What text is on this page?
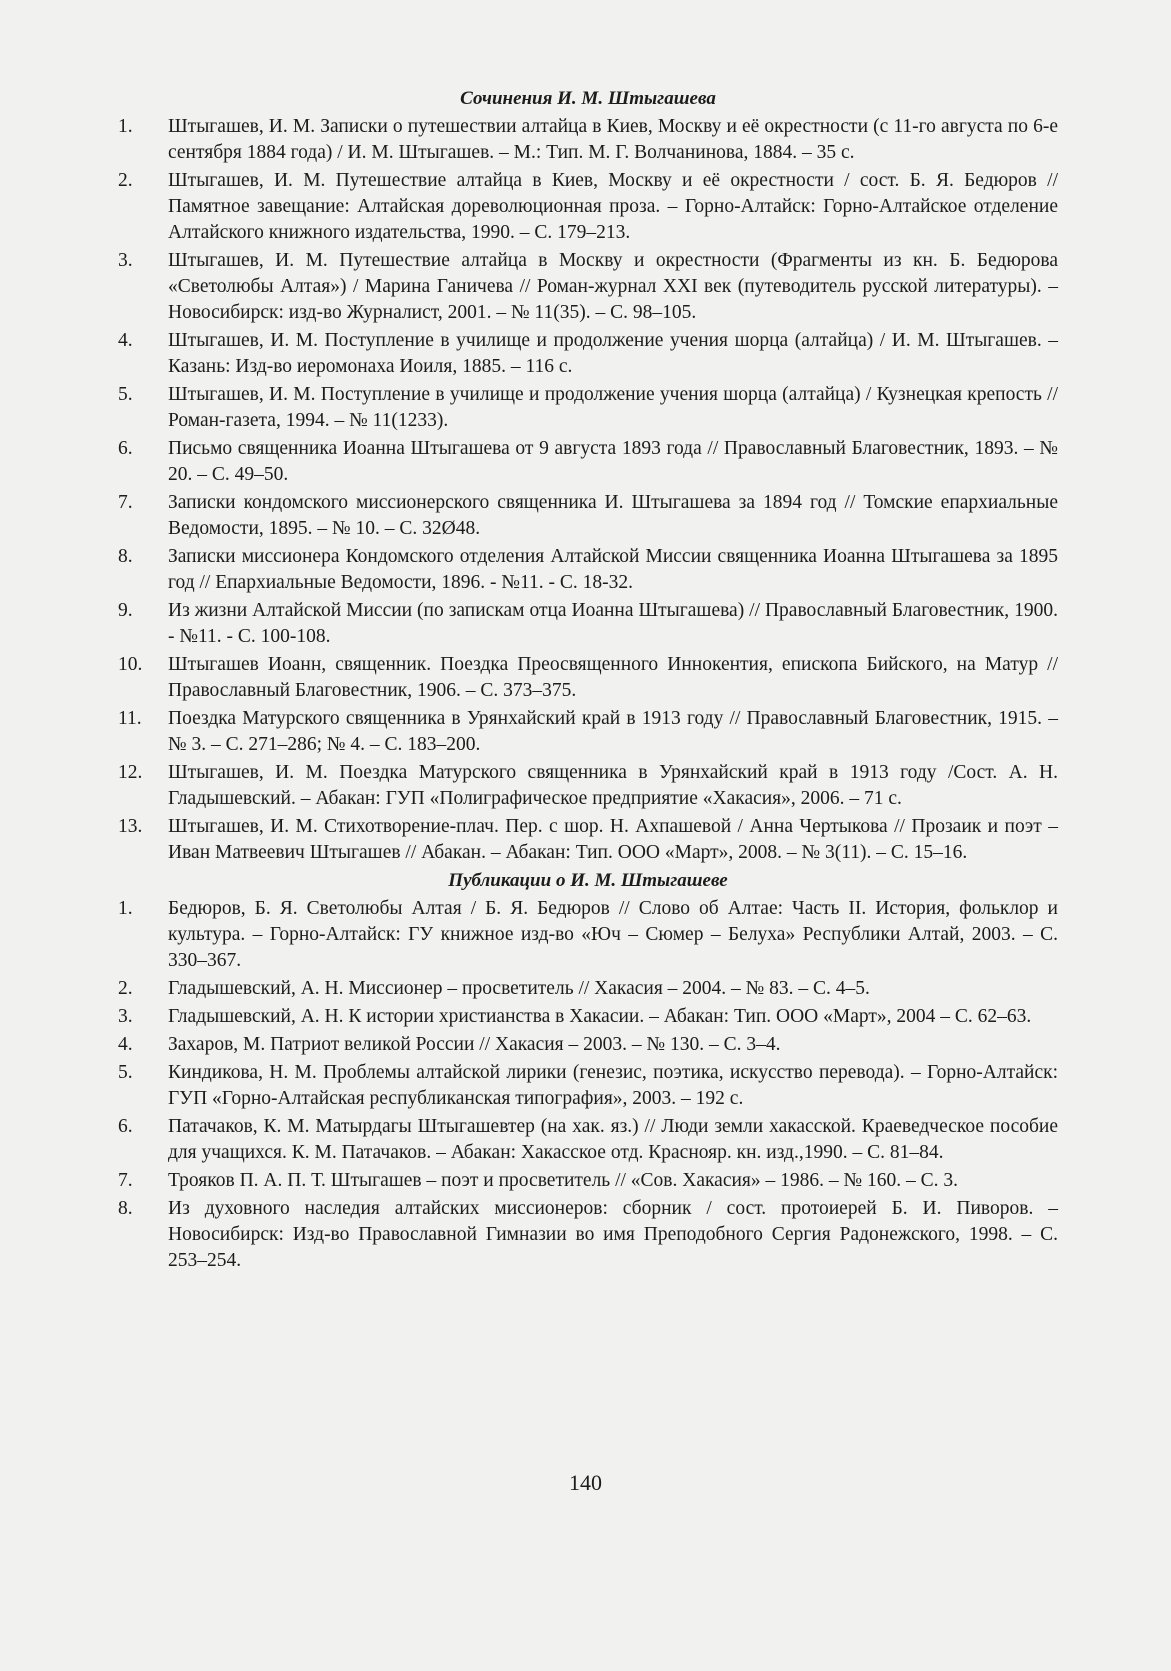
Сочинения И. М. Штыгашева
1.	Штыгашев, И. М. Записки о путешествии алтайца в Киев, Москву и её окрестности (с 11-го августа по 6-е сентября 1884 года) / И. М. Штыгашев. – М.: Тип. М. Г. Волчанинова, 1884. – 35 с.
2.	Штыгашев, И. М. Путешествие алтайца в Киев, Москву и её окрестности / сост. Б. Я. Бедюров // Памятное завещание: Алтайская дореволюционная проза. – Горно-Алтайск: Горно-Алтайское отделение Алтайского книжного издательства, 1990. – С. 179–213.
3.	Штыгашев, И. М. Путешествие алтайца в Москву и окрестности (Фрагменты из кн. Б. Бедюрова «Светолюбы Алтая») / Марина Ганичева // Роман-журнал XXI век (путеводитель русской литературы). – Новосибирск: изд-во Журналист, 2001. – № 11(35). – С. 98–105.
4.	Штыгашев, И. М. Поступление в училище и продолжение учения шорца (алтайца) / И. М. Штыгашев. – Казань: Изд-во иеромонаха Иоиля, 1885. – 116 с.
5.	Штыгашев, И. М. Поступление в училище и продолжение учения шорца (алтайца) / Кузнецкая крепость // Роман-газета, 1994. – № 11(1233).
6.	Письмо священника Иоанна Штыгашева от 9 августа 1893 года // Православный Благовестник, 1893. – № 20. – С. 49–50.
7.	Записки кондомского миссионерского священника И. Штыгашева за 1894 год // Томские епархиальные Ведомости, 1895. – № 10. – С. 32Ø48.
8.	Записки миссионера Кондомского отделения Алтайской Миссии священника Иоанна Штыгашева за 1895 год // Епархиальные Ведомости, 1896. - №11. - С. 18-32.
9.	Из жизни Алтайской Миссии (по запискам отца Иоанна Штыгашева) // Православный Благовестник, 1900. - №11. - С. 100-108.
10.	Штыгашев Иоанн, священник. Поездка Преосвященного Иннокентия, епископа Бийского, на Матур // Православный Благовестник, 1906. – С. 373–375.
11.	Поездка Матурского священника в Урянхайский край в 1913 году // Православный Благовестник, 1915. – № 3. – С. 271–286; № 4. – С. 183–200.
12.	Штыгашев, И. М. Поездка Матурского священника в Урянхайский край в 1913 году /Сост. А. Н. Гладышевский. – Абакан: ГУП «Полиграфическое предприятие «Хакасия», 2006. – 71 с.
13.	Штыгашев, И. М. Стихотворение-плач. Пер. с шор. Н. Ахпашевой / Анна Чертыкова // Прозаик и поэт – Иван Матвеевич Штыгашев // Абакан. – Абакан: Тип. ООО «Март», 2008. – № 3(11). – С. 15–16.
Публикации о И. М. Штыгашеве
1.	Бедюров, Б. Я. Светолюбы Алтая / Б. Я. Бедюров // Слово об Алтае: Часть II. История, фольклор и культура. – Горно-Алтайск: ГУ книжное изд-во «Юч – Сюмер – Белуха» Республики Алтай, 2003. – С. 330–367.
2.	Гладышевский, А. Н. Миссионер – просветитель // Хакасия – 2004. – № 83. – С. 4–5.
3.	Гладышевский, А. Н. К истории христианства в Хакасии. – Абакан: Тип. ООО «Март», 2004 – С. 62–63.
4.	Захаров, М. Патриот великой России // Хакасия – 2003. – № 130. – С. 3–4.
5.	Киндикова, Н. М. Проблемы алтайской лирики (генезис, поэтика, искусство перевода). – Горно-Алтайск: ГУП «Горно-Алтайская республиканская типография», 2003. – 192 с.
6.	Патачаков, К. М. Матырдагы Штыгашевтер (на хак. яз.) // Люди земли хакасской. Краеведческое пособие для учащихся. К. М. Патачаков. – Абакан: Хакасское отд. Краснояр. кн. изд.,1990. – С. 81–84.
7.	Трояков П. А. П. Т. Штыгашев – поэт и просветитель // «Сов. Хакасия» – 1986. – № 160. – С. 3.
8.	Из духовного наследия алтайских миссионеров: сборник / сост. протоиерей Б. И. Пиворов. – Новосибирск: Изд-во Православной Гимназии во имя Преподобного Сергия Радонежского, 1998. – С. 253–254.
140
